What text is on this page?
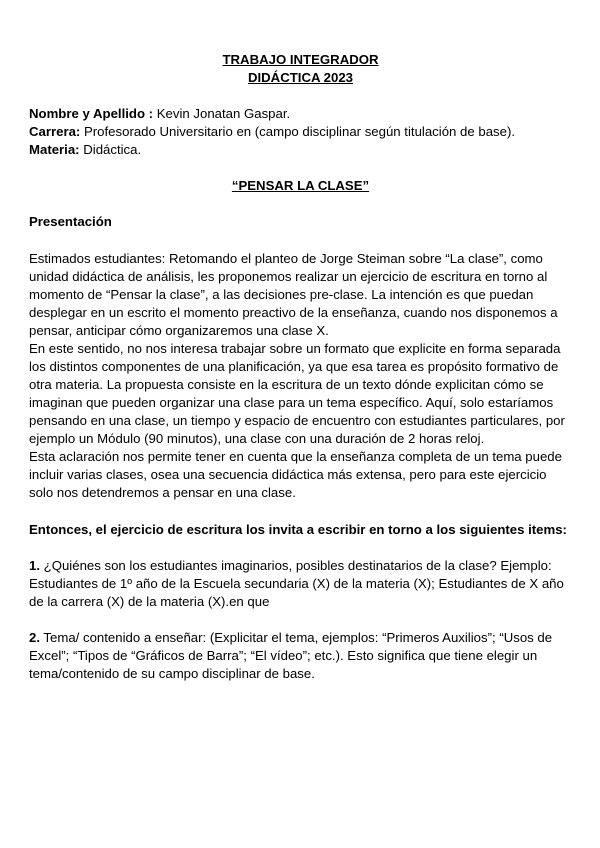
TRABAJO INTEGRADOR
DIDÁCTICA 2023
Nombre y Apellido : Kevin Jonatan Gaspar.
Carrera: Profesorado Universitario en (campo disciplinar según titulación de base).
Materia: Didáctica.
“PENSAR LA CLASE”
Presentación

Estimados estudiantes: Retomando el planteo de Jorge Steiman sobre “La clase”, como unidad didáctica de análisis, les proponemos realizar un ejercicio de escritura en torno al momento de “Pensar la clase”, a las decisiones pre-clase. La intención es que puedan desplegar en un escrito el momento preactivo de la enseñanza, cuando nos disponemos a pensar, anticipar cómo organizaremos una clase X.

En este sentido, no nos interesa trabajar sobre un formato que explicite en forma separada los distintos componentes de una planificación, ya que esa tarea es propósito formativo de otra materia. La propuesta consiste en la escritura de un texto dónde explicitan cómo se imaginan que pueden organizar una clase para un tema específico. Aquí, solo estaríamos pensando en una clase, un tiempo y espacio de encuentro con estudiantes particulares, por ejemplo un Módulo (90 minutos), una clase con una duración de 2 horas reloj.

Esta aclaración nos permite tener en cuenta que la enseñanza completa de un tema puede incluir varias clases, osea una secuencia didáctica más extensa, pero para este ejercicio solo nos detendremos a pensar en una clase.

Entonces, el ejercicio de escritura los invita a escribir en torno a los siguientes items:
1. ¿Quiénes son los estudiantes imaginarios, posibles destinatarios de la clase? Ejemplo: Estudiantes de 1º año de la Escuela secundaria (X) de la materia (X); Estudiantes de X año de la carrera (X) de la materia (X).en que
2. Tema/ contenido a enseñar: (Explicitar el tema, ejemplos: “Primeros Auxilios”; “Usos de Excel”; “Tipos de “Gráficos de Barra”; “El vídeo”; etc.). Esto significa que tiene elegir un tema/contenido de su campo disciplinar de base.
